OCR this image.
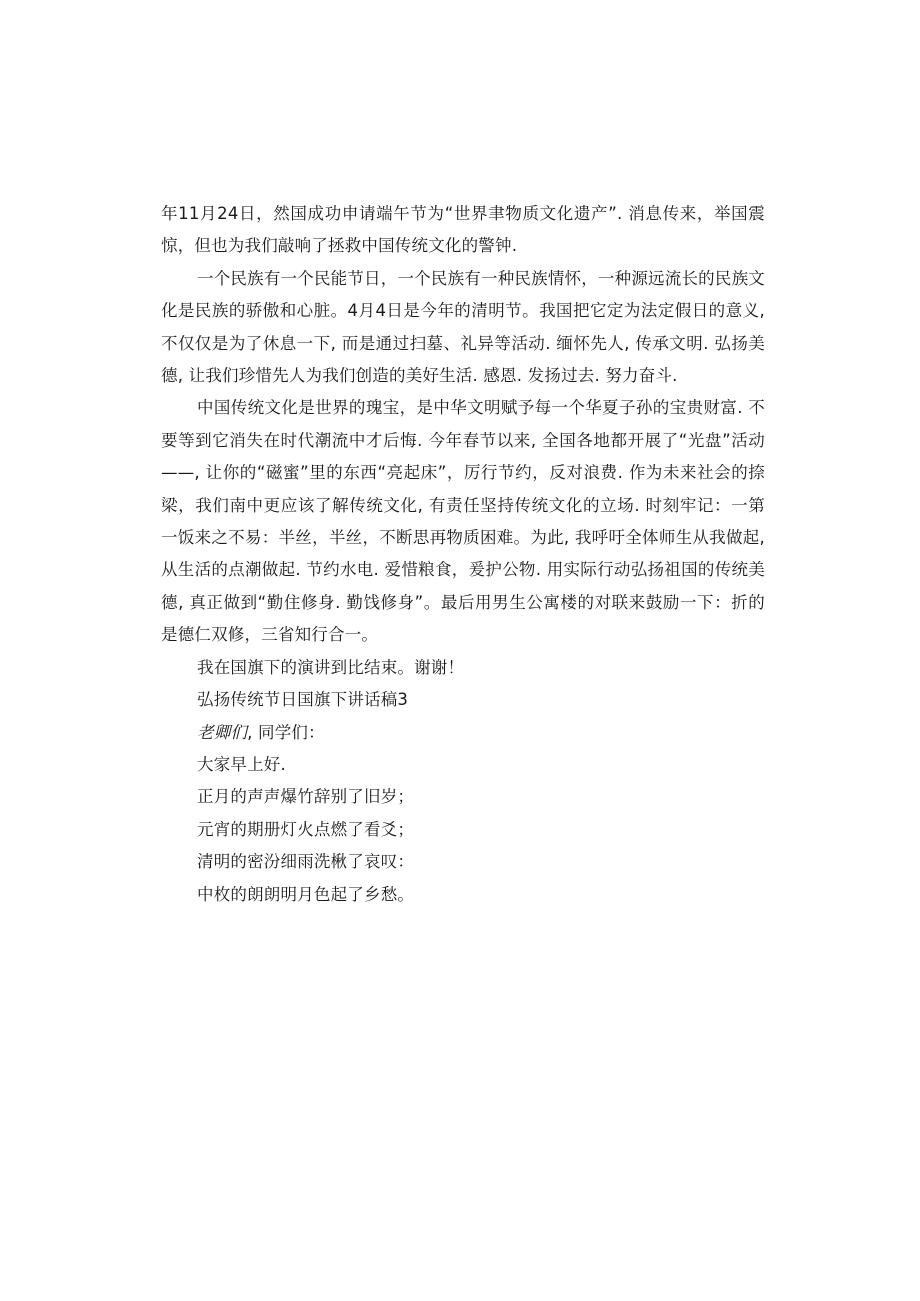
年11月24日，然国成功申请端午节为“世界聿物质文化遗产”. 消息传来，举国震惊，但也为我们敲响了拯救中国传统文化的警钟.

一个民族有一个民能节日，一个民族有一种民族情怀，一种源远流长的民族文化是民族的骄傲和心脏。4月4日是今年的清明节。我国把它定为法定假日的意义, 不仅仅是为了休息一下, 而是通过扫墓、礼异等活动. 缅怀先人, 传承文明. 弘扬美德, 让我们珍惜先人为我们创造的美好生活. 感恩. 发扬过去. 努力奋斗.

中国传统文化是世界的瑰宝，是中华文明赋予每一个华夏子孙的宝贵财富. 不要等到它消失在时代潮流中才后悔. 今年春节以来, 全国各地都开展了“光盘”活动——, 让你的“磁蜜”里的东西“亮起床”，厉行节约，反对浪费. 作为未来社会的捺梁，我们南中更应该了解传统文化, 有责任坚持传统文化的立场. 时刻牢记：一第一饭来之不易：半丝，半丝，不断思再物质困难。为此, 我呼吁全体师生从我做起, 从生活的点潮做起. 节约水电. 爱惜粮食，爰护公物. 用实际行动弘扬祖国的传统美德, 真正做到“勤住修身. 勤饯修身”。最后用男生公寓楼的对联来鼓励一下：折的是德仁双修，三省知行合一。

我在国旗下的演讲到比结束。谢谢！

弘扬传统节日国旗下讲话稿3

老卿们, 同学们：

大家早上好.

正月的声声爆竹辞别了旧岁；

元宵的期册灯火点燃了看爻；

清明的密汾细雨洗楸了哀叹：

中枚的朗朗明月色起了乡愁。
